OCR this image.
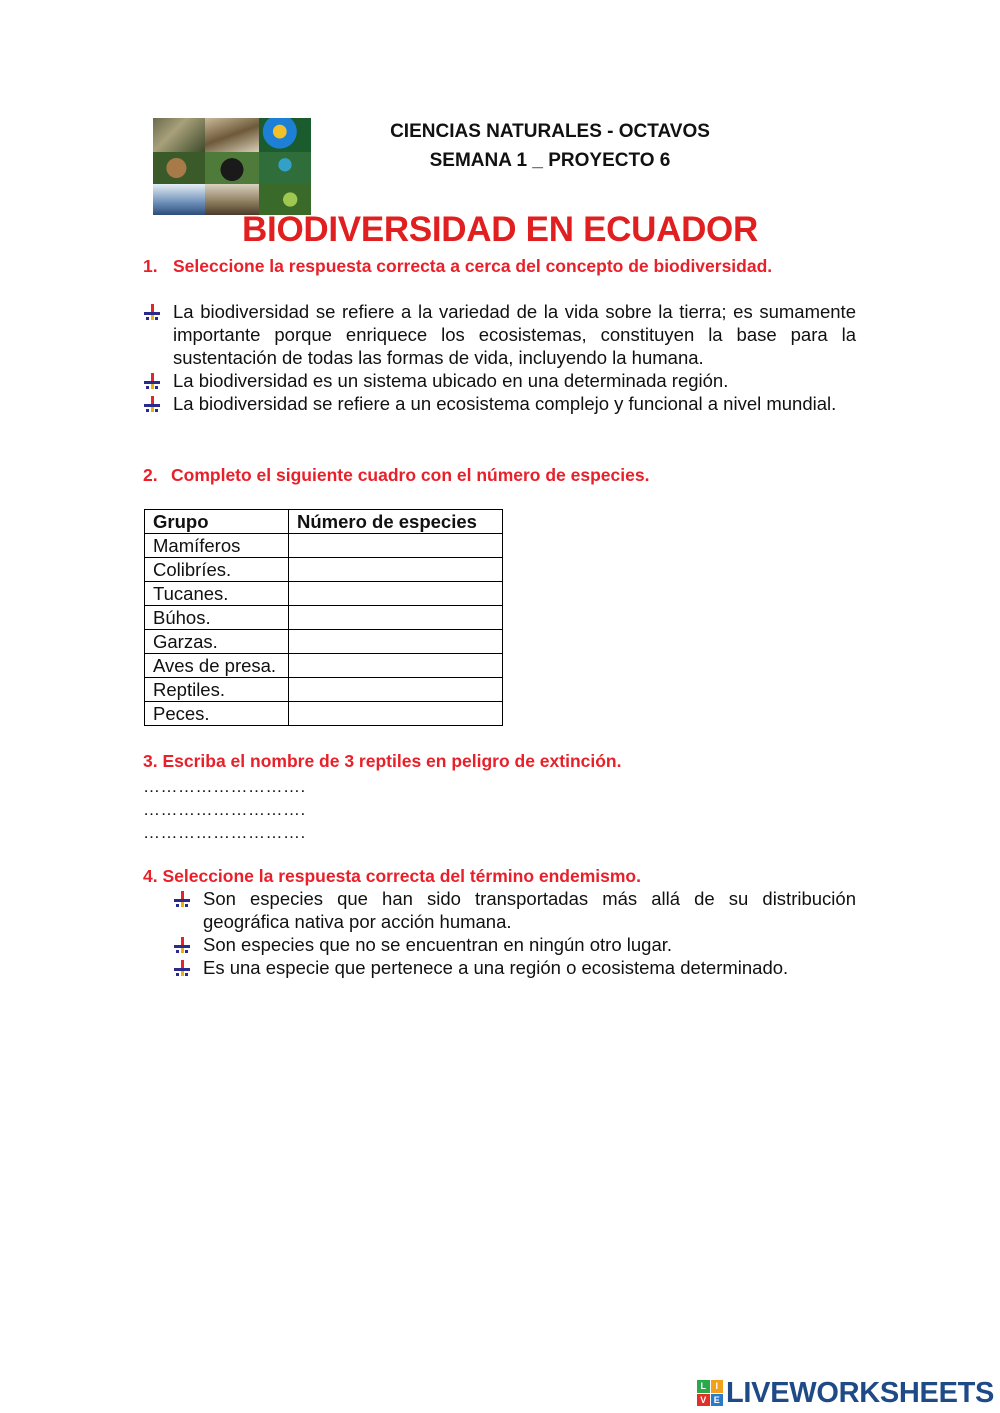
CIENCIAS NATURALES - OCTAVOS
SEMANA 1 _ PROYECTO 6
BIODIVERSIDAD EN ECUADOR
1. Seleccione la respuesta correcta a cerca del concepto de biodiversidad.
La biodiversidad se refiere a la variedad de la vida sobre la tierra; es sumamente importante porque enriquece los ecosistemas, constituyen la base para la sustentación de todas las formas de vida, incluyendo la humana.
La biodiversidad es un sistema ubicado en una determinada región.
La biodiversidad se refiere a un ecosistema complejo y funcional a nivel mundial.
2. Completo el siguiente cuadro con el número de especies.
Grupo	Número de especies
Mamíferos	
Colibríes.	
Tucanes.	
Búhos.	
Garzas.	
Aves de presa.	
Reptiles.	
Peces.	
3. Escriba el nombre de 3 reptiles en peligro de extinción.
……………………….
……………………….
……………………….
4. Seleccione la respuesta correcta del término endemismo.
Son especies que han sido transportadas más allá de su distribución geográfica nativa por acción humana.
Son especies que no se encuentran en ningún otro lugar.
Es una especie que pertenece a una región o ecosistema determinado.
L	I
V E LIVEWORKSHEETS
